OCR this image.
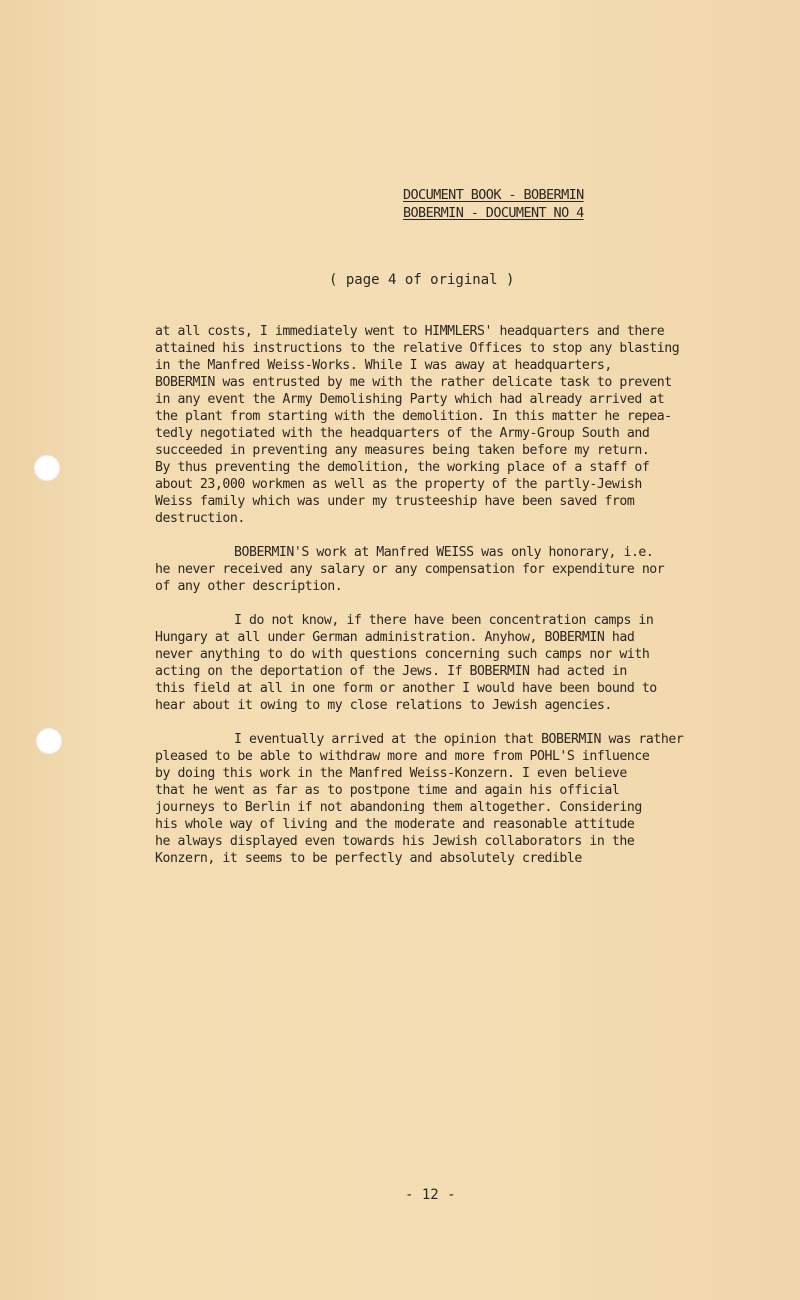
DOCUMENT BOOK - BOBERMIN
BOBERMIN - DOCUMENT NO 4
( page 4 of original )

at all costs, I immediately went to HIMMLERS' headquarters and there
attained his instructions to the relative Offices to stop any blasting
in the Manfred Weiss-Works. While I was away at headquarters,
BOBERMIN was entrusted by me with the rather delicate task to prevent
in any event the Army Demolishing Party which had already arrived at
the plant from starting with the demolition. In this matter he repea-
tedly negotiated with the headquarters of the Army-Group South and
succeeded in preventing any measures being taken before my return.
By thus preventing the demolition, the working place of a staff of
about 23,000 workmen as well as the property of the partly-Jewish
Weiss family which was under my trusteeship have been saved from
destruction.

BOBERMIN'S work at Manfred WEISS was only honorary, i.e.
he never received any salary or any compensation for expenditure nor
of any other description.

I do not know, if there have been concentration camps in
Hungary at all under German administration. Anyhow, BOBERMIN had
never anything to do with questions concerning such camps nor with
acting on the deportation of the Jews. If BOBERMIN had acted in
this field at all in one form or another I would have been bound to
hear about it owing to my close relations to Jewish agencies.

I eventually arrived at the opinion that BOBERMIN was rather
pleased to be able to withdraw more and more from POHL'S influence
by doing this work in the Manfred Weiss-Konzern. I even believe
that he went as far as to postpone time and again his official
journeys to Berlin if not abandoning them altogether. Considering
his whole way of living and the moderate and reasonable attitude
he always displayed even towards his Jewish collaborators in the
Konzern, it seems to be perfectly and absolutely credible

- 12 -
